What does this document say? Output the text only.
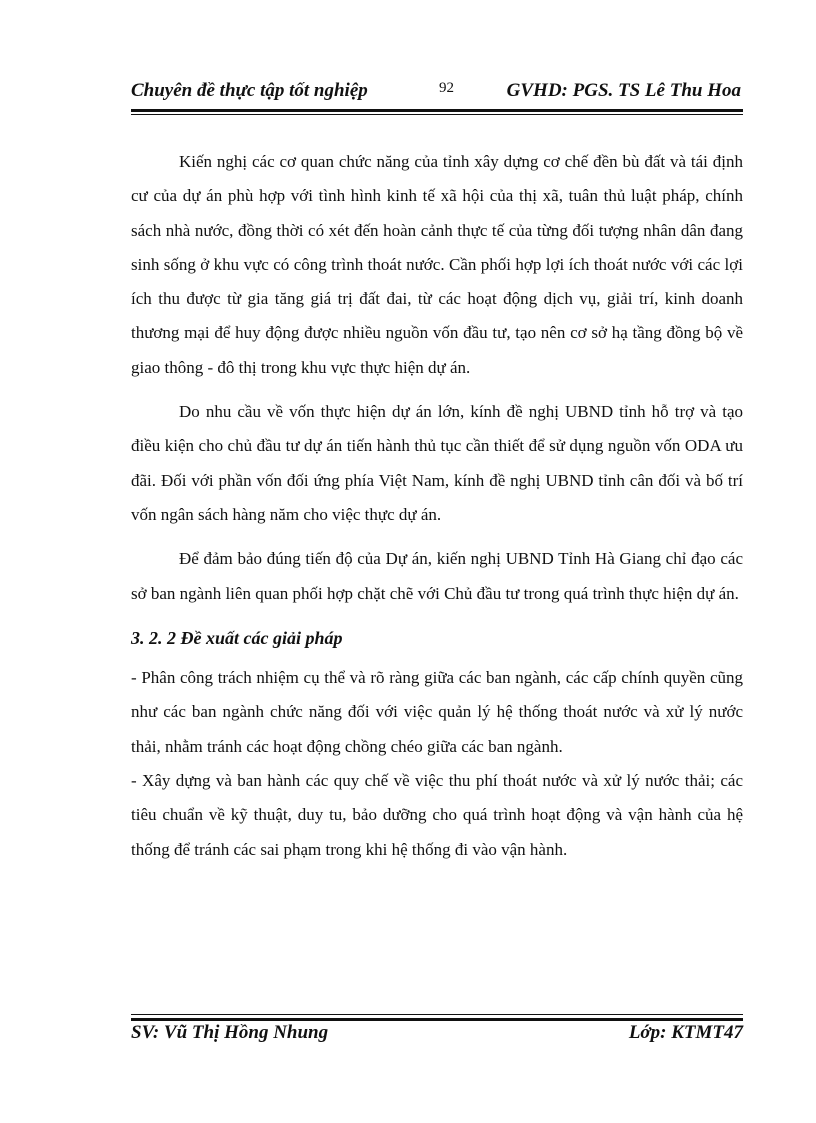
Chuyên đề thực tập tốt nghiệp	92	GVHD: PGS. TS Lê Thu Hoa

Kiến nghị các cơ quan chức năng của tỉnh xây dựng cơ chế đền bù đất và tái định cư của dự án phù hợp với tình hình kinh tế xã hội của thị xã, tuân thủ luật pháp, chính sách nhà nước, đồng thời có xét đến hoàn cảnh thực tế của từng đối tượng nhân dân đang sinh sống ở khu vực có công trình thoát nước. Cần phối hợp lợi ích thoát nước với các lợi ích thu được từ gia tăng giá trị đất đai, từ các hoạt động dịch vụ, giải trí, kinh doanh thương mại để huy động được nhiều nguồn vốn đầu tư, tạo nên cơ sở hạ tầng đồng bộ về giao thông - đô thị trong khu vực thực hiện dự án.

Do nhu cầu về vốn thực hiện dự án lớn, kính đề nghị UBND tỉnh hỗ trợ và tạo điều kiện cho chủ đầu tư dự án tiến hành thủ tục cần thiết để sử dụng nguồn vốn ODA ưu đãi. Đối với phần vốn đối ứng phía Việt Nam, kính đề nghị UBND tỉnh cân đối và bố trí vốn ngân sách hàng năm cho việc thực dự án.

Để đảm bảo đúng tiến độ của Dự án, kiến nghị UBND Tỉnh Hà Giang chỉ đạo các sở ban ngành liên quan phối hợp chặt chẽ với Chủ đầu tư trong quá trình thực hiện dự án.

3. 2. 2 Đề xuất các giải pháp

- Phân công trách nhiệm cụ thể và rõ ràng giữa các ban ngành, các cấp chính quyền cũng như các ban ngành chức năng đối với việc quản lý hệ thống thoát nước và xử lý nước thải, nhằm tránh các hoạt động chồng chéo giữa các ban ngành.

- Xây dựng và ban hành các quy chế về việc thu phí thoát nước và xử lý nước thải; các tiêu chuẩn về kỹ thuật, duy tu, bảo dưỡng cho quá trình hoạt động và vận hành của hệ thống để tránh các sai phạm trong khi hệ thống đi vào vận hành.

SV: Vũ Thị Hồng Nhung	Lớp: KTMT47
